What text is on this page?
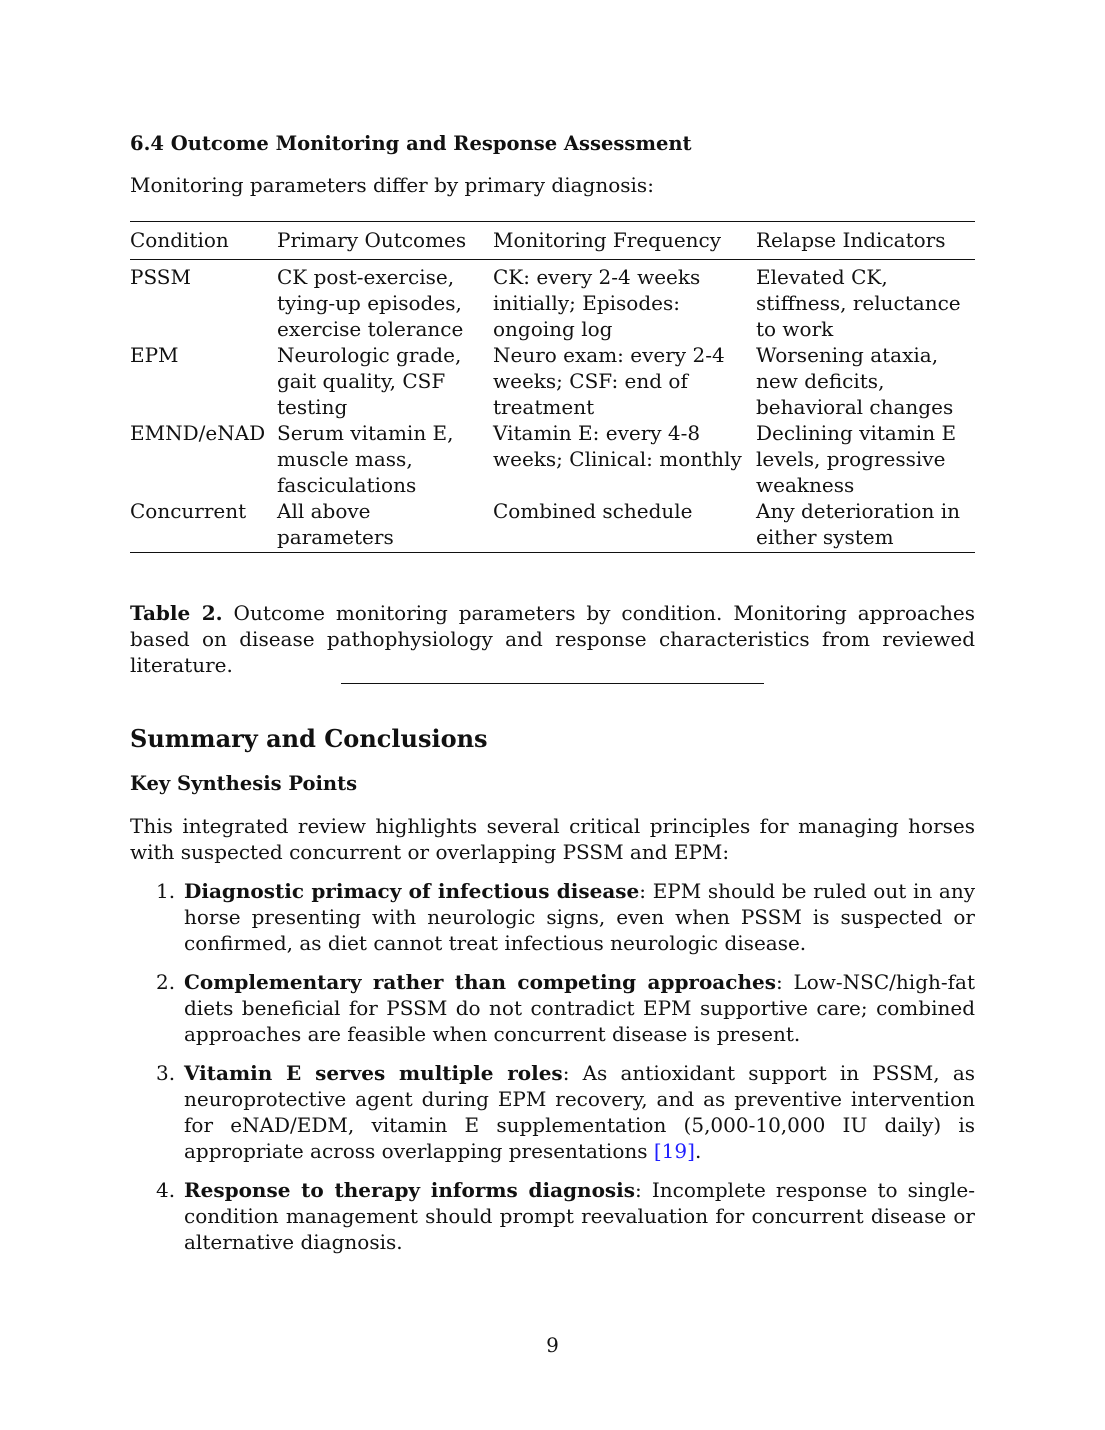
6.4 Outcome Monitoring and Response Assessment
Monitoring parameters differ by primary diagnosis:
Condition	Primary Outcomes	Monitoring Frequency	Relapse Indicators
PSSM	CK post-exercise, tying-up episodes, exercise tolerance	CK: every 2-4 weeks initially; Episodes: ongoing log	Elevated CK, stiffness, reluctance to work
EPM	Neurologic grade, gait quality, CSF testing	Neuro exam: every 2-4 weeks; CSF: end of treatment	Worsening ataxia, new deficits, behavioral changes
EMND/eNAD	Serum vitamin E, muscle mass, fasciculations	Vitamin E: every 4-8 weeks; Clinical: monthly	Declining vitamin E levels, progressive weakness
Concurrent	All above parameters	Combined schedule	Any deterioration in either system
Table 2. Outcome monitoring parameters by condition. Monitoring approaches based on disease pathophysiology and response characteristics from reviewed literature.
Summary and Conclusions
Key Synthesis Points
This integrated review highlights several critical principles for managing horses with suspected concurrent or overlapping PSSM and EPM:
1. Diagnostic primacy of infectious disease: EPM should be ruled out in any horse presenting with neurologic signs, even when PSSM is suspected or confirmed, as diet cannot treat infectious neurologic disease.
2. Complementary rather than competing approaches: Low-NSC/high-fat diets beneficial for PSSM do not contradict EPM supportive care; combined approaches are feasible when concurrent disease is present.
3. Vitamin E serves multiple roles: As antioxidant support in PSSM, as neuroprotective agent during EPM recovery, and as preventive intervention for eNAD/EDM, vitamin E supplementation (5,000-10,000 IU daily) is appropriate across overlapping presentations [19].
4. Response to therapy informs diagnosis: Incomplete response to single-condition management should prompt reevaluation for concurrent disease or alternative diagnosis.
9
